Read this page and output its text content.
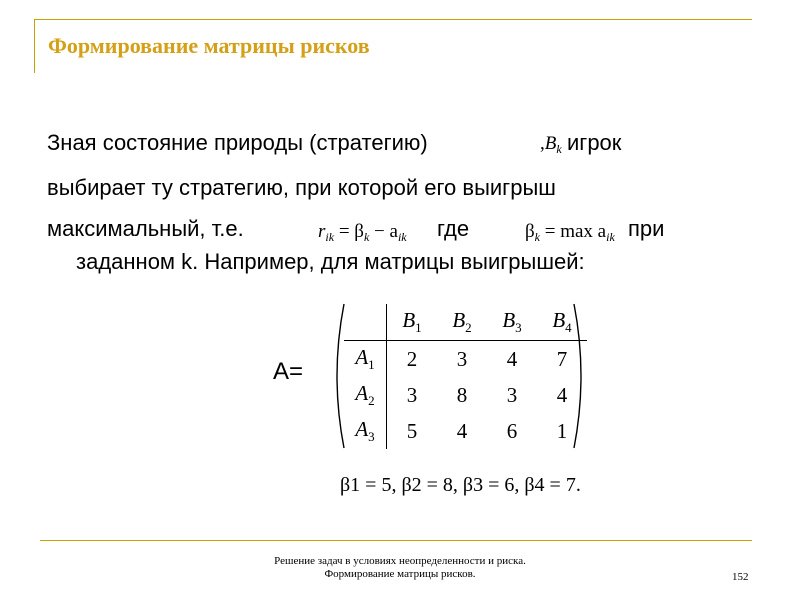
Формирование матрицы рисков
Зная состояние природы (стратегию)	$,B_k$ игрок
выбирает ту стратегию, при которой его выигрыш
максимальный, т.е.	$r_{ik} = \beta_k - a_{ik}$ где	$\beta_k = \max a_{ik}$ при
заданном k. Например, для матрицы выигрышей:
A=
	$B_1$	$B_2$	$B_3$	$B_4$
$A_1$	2	3	4	7
$A_2$	3	8	3	4
$A_3$	5	4	6	1
β1 = 5, β2 = 8, β3 = 6, β4 = 7.
Решение задач в условиях неопределенности и риска. Формирование матрицы рисков.	152
